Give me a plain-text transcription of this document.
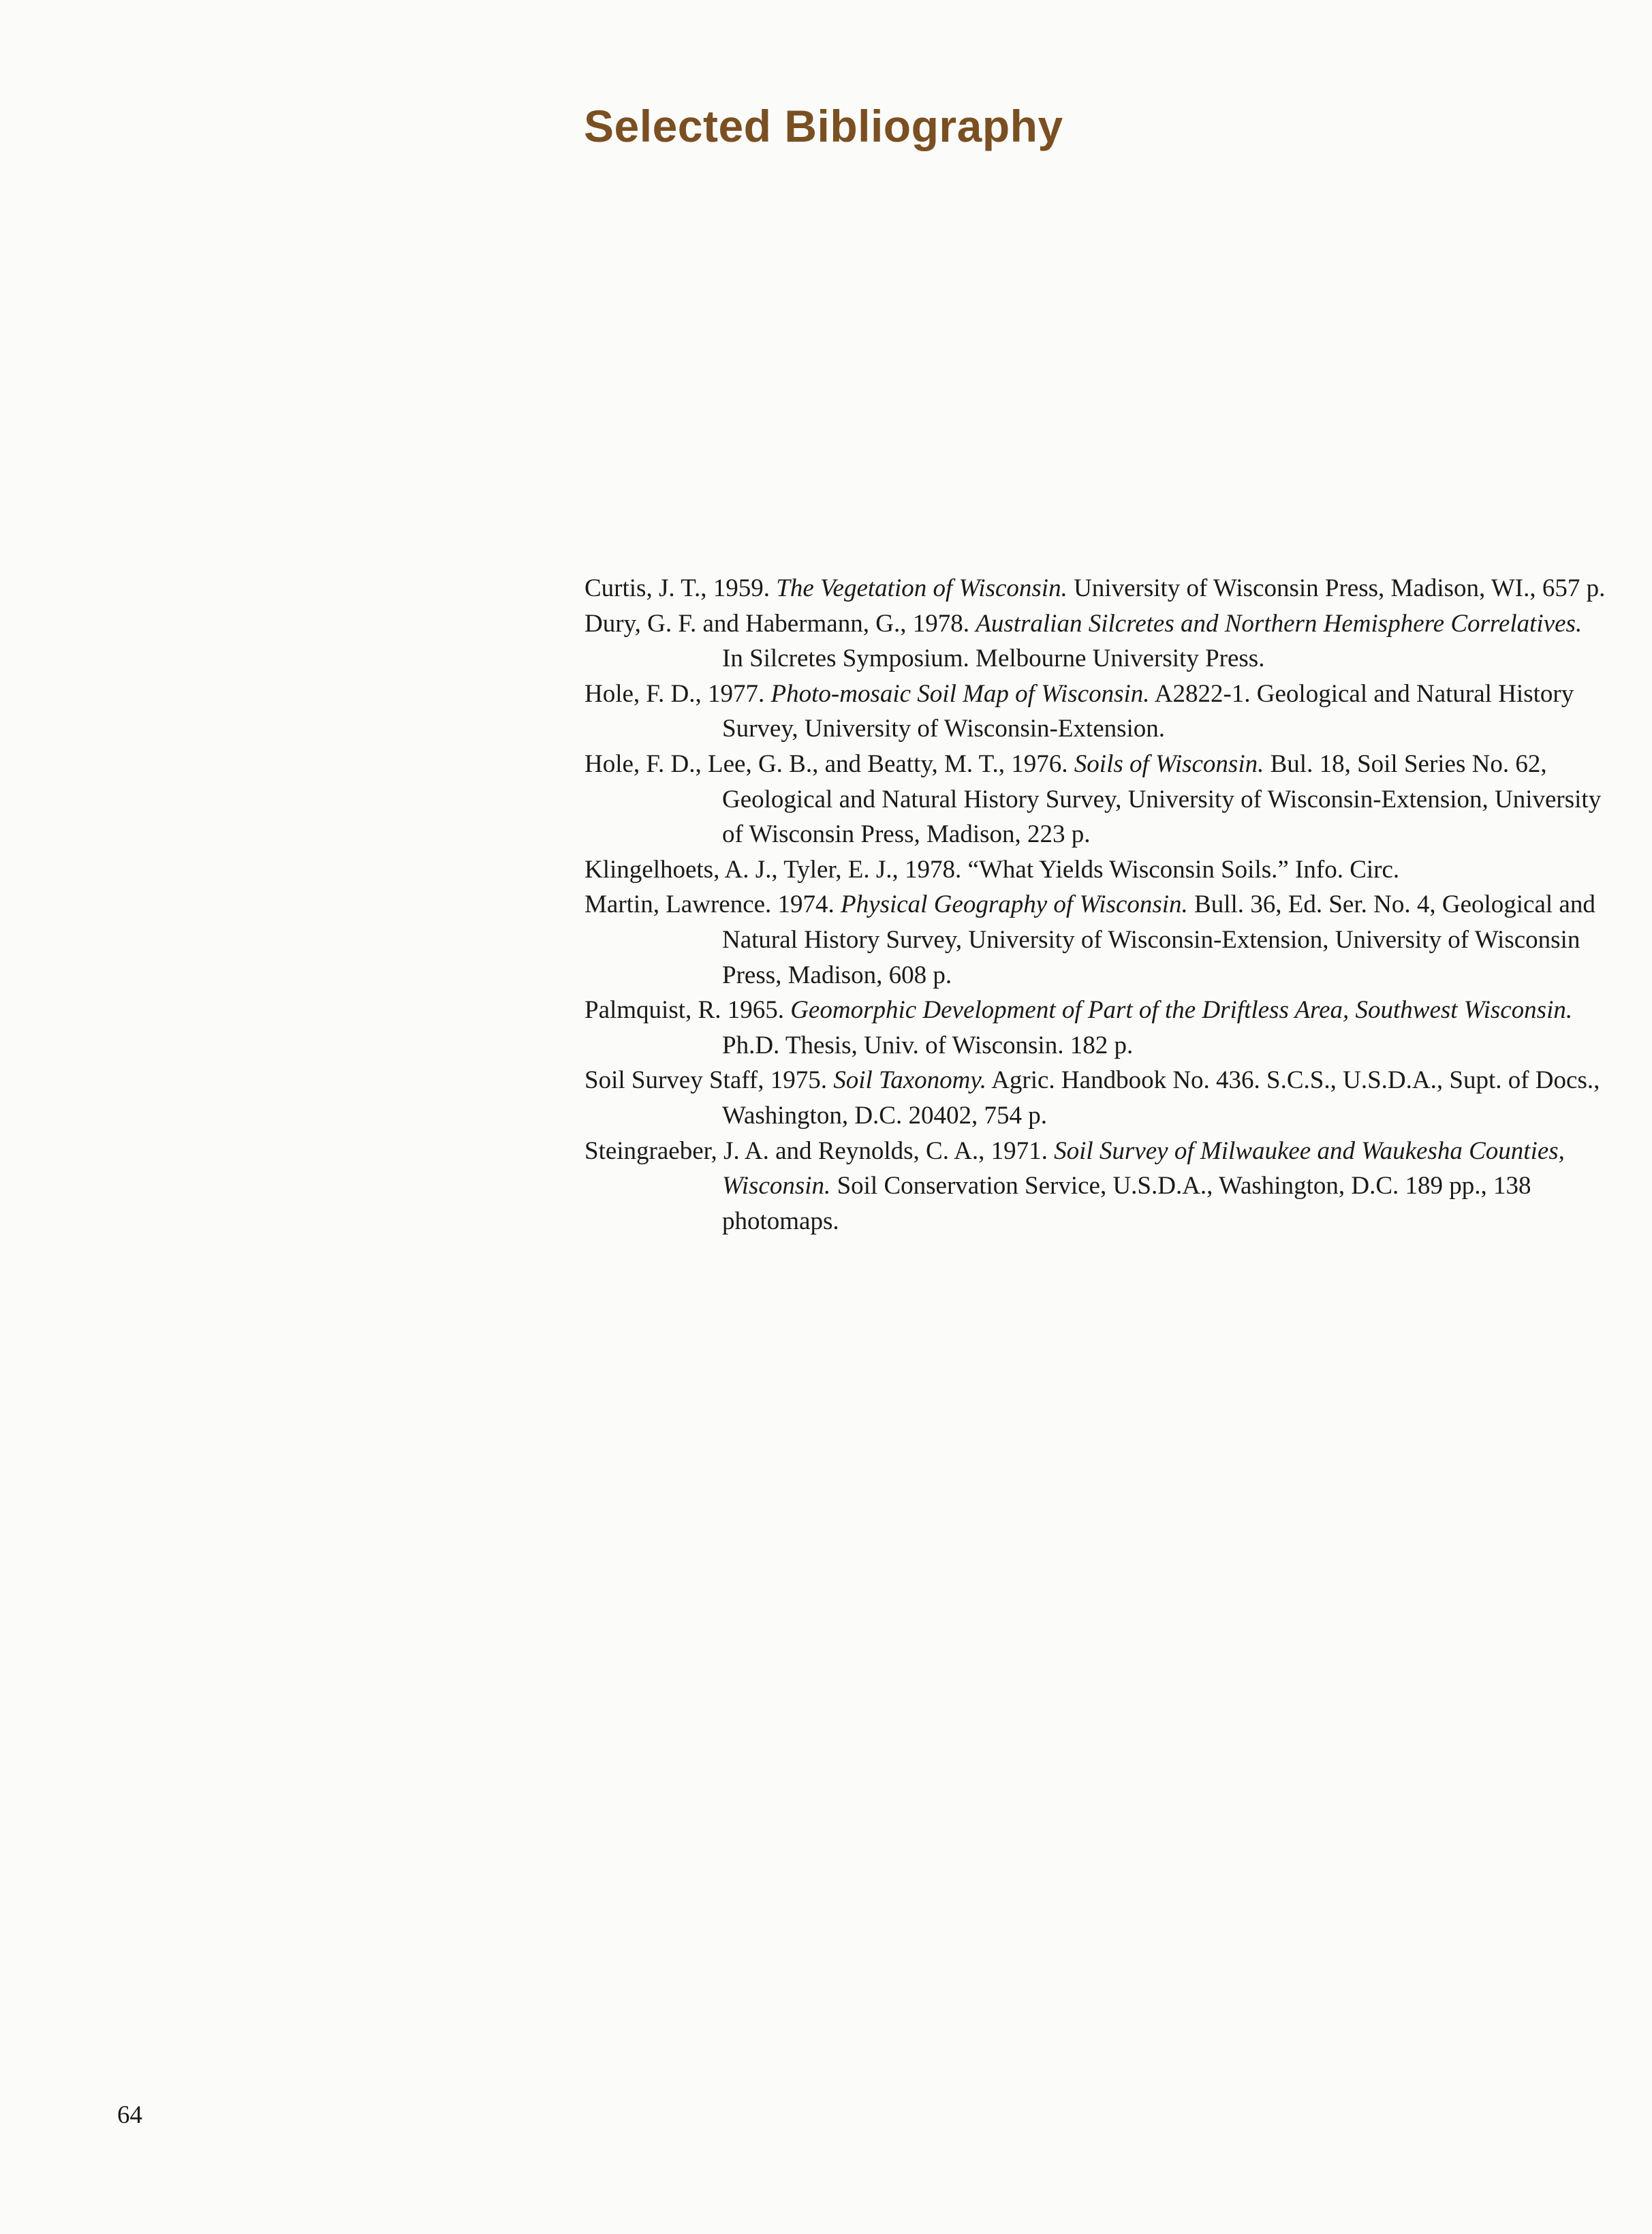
Selected Bibliography
Curtis, J. T., 1959. The Vegetation of Wisconsin. University of Wisconsin Press, Madison, WI., 657 p.
Dury, G. F. and Habermann, G., 1978. Australian Silcretes and Northern Hemisphere Correlatives. In Silcretes Symposium. Melbourne University Press.
Hole, F. D., 1977. Photo-mosaic Soil Map of Wisconsin. A2822-1. Geological and Natural History Survey, University of Wisconsin-Extension.
Hole, F. D., Lee, G. B., and Beatty, M. T., 1976. Soils of Wisconsin. Bul. 18, Soil Series No. 62, Geological and Natural History Survey, University of Wisconsin-Extension, University of Wisconsin Press, Madison, 223 p.
Klingelhoets, A. J., Tyler, E. J., 1978. “What Yields Wisconsin Soils.” Info. Circ.
Martin, Lawrence. 1974. Physical Geography of Wisconsin. Bull. 36, Ed. Ser. No. 4, Geological and Natural History Survey, University of Wisconsin-Extension, University of Wisconsin Press, Madison, 608 p.
Palmquist, R. 1965. Geomorphic Development of Part of the Driftless Area, Southwest Wisconsin. Ph.D. Thesis, Univ. of Wisconsin. 182 p.
Soil Survey Staff, 1975. Soil Taxonomy. Agric. Handbook No. 436. S.C.S., U.S.D.A., Supt. of Docs., Washington, D.C. 20402, 754 p.
Steingraeber, J. A. and Reynolds, C. A., 1971. Soil Survey of Milwaukee and Waukesha Counties, Wisconsin. Soil Conservation Service, U.S.D.A., Washington, D.C. 189 pp., 138 photomaps.
64
